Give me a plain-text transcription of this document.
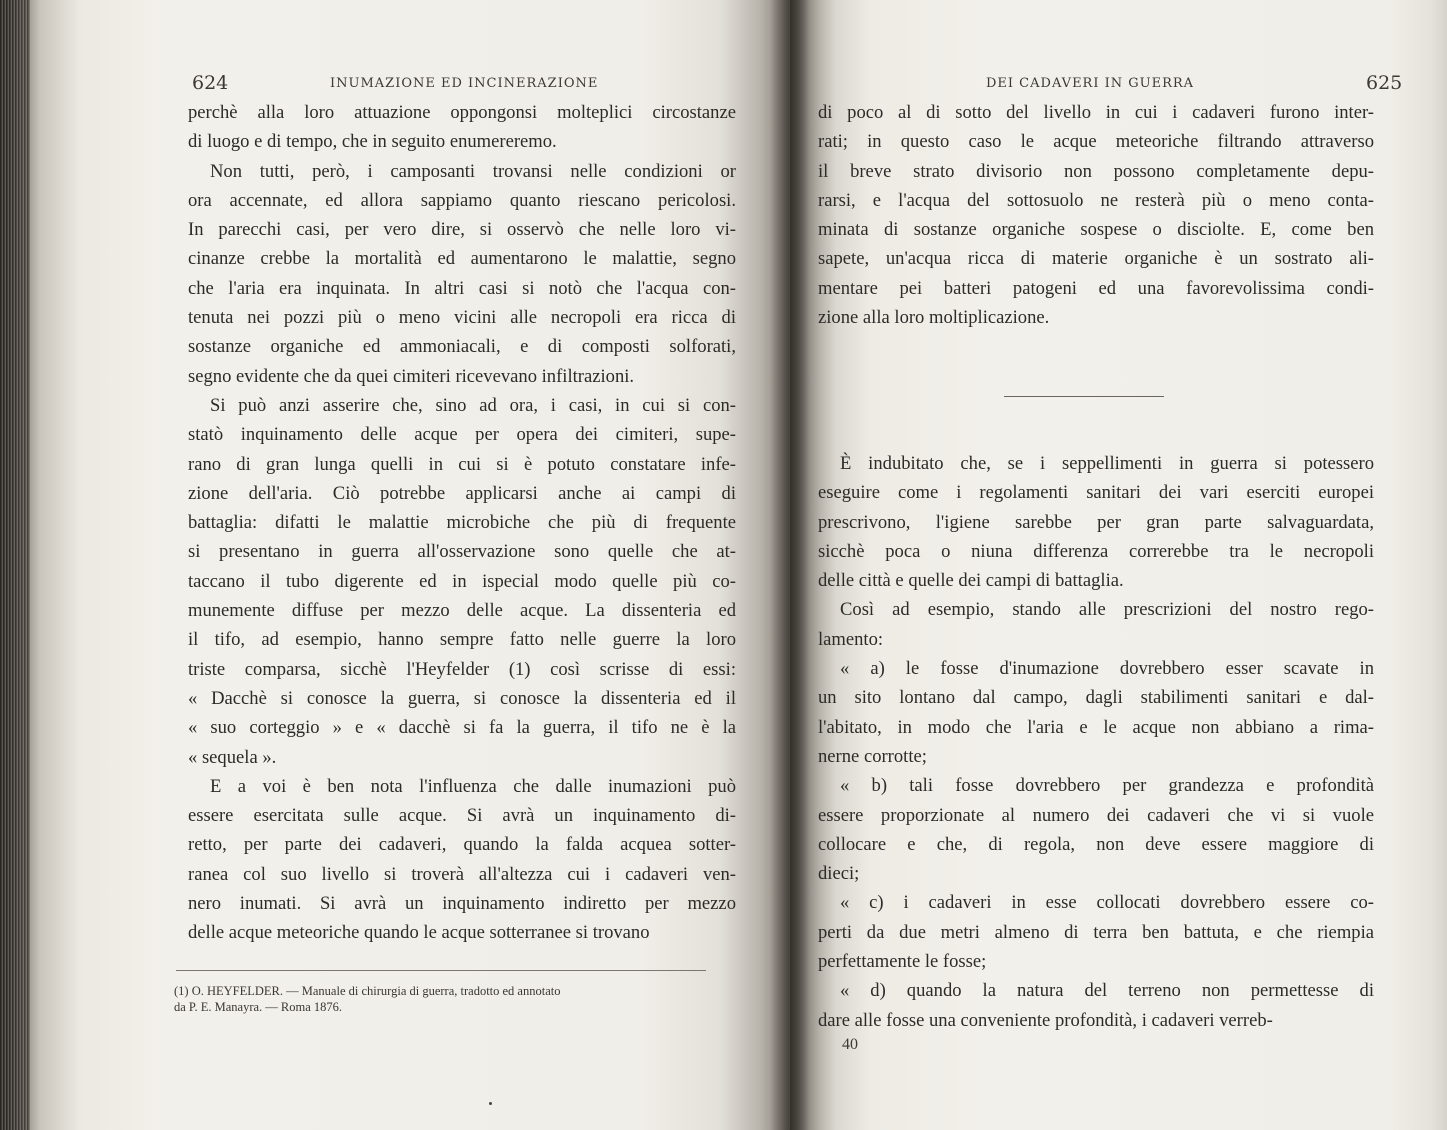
624	INUMAZIONE ED INCINERAZIONE
perchè alla loro attuazione oppongonsi molteplici circostanze
di luogo e di tempo, che in seguito enumereremo.
Non tutti, però, i camposanti trovansi nelle condizioni or
ora accennate, ed allora sappiamo quanto riescano pericolosi.
In parecchi casi, per vero dire, si osservò che nelle loro vi-
cinanze crebbe la mortalità ed aumentarono le malattie, segno
che l'aria era inquinata. In altri casi si notò che l'acqua con-
tenuta nei pozzi più o meno vicini alle necropoli era ricca di
sostanze organiche ed ammoniacali, e di composti solforati,
segno evidente che da quei cimiteri ricevevano infiltrazioni.
Si può anzi asserire che, sino ad ora, i casi, in cui si con-
statò inquinamento delle acque per opera dei cimiteri, supe-
rano di gran lunga quelli in cui si è potuto constatare infe-
zione dell'aria. Ciò potrebbe applicarsi anche ai campi di
battaglia: difatti le malattie microbiche che più di frequente
si presentano in guerra all'osservazione sono quelle che at-
taccano il tubo digerente ed in ispecial modo quelle più co-
munemente diffuse per mezzo delle acque. La dissenteria ed
il tifo, ad esempio, hanno sempre fatto nelle guerre la loro
triste comparsa, sicchè l'Heyfelder (1) così scrisse di essi:
« Dacchè si conosce la guerra, si conosce la dissenteria ed il
« suo corteggio » e « dacchè si fa la guerra, il tifo ne è la
« sequela ».
E a voi è ben nota l'influenza che dalle inumazioni può
essere esercitata sulle acque. Si avrà un inquinamento di-
retto, per parte dei cadaveri, quando la falda acquea sotter-
ranea col suo livello si troverà all'altezza cui i cadaveri ven-
nero inumati. Si avrà un inquinamento indiretto per mezzo
delle acque meteoriche quando le acque sotterranee si trovano
(1) O. HEYFELDER. — Manuale di chirurgia di guerra, tradotto ed annotato
da P. E. Manayra. — Roma 1876.
DEI CADAVERI IN GUERRA	625
di poco al di sotto del livello in cui i cadaveri furono inter-
rati; in questo caso le acque meteoriche filtrando attraverso
il breve strato divisorio non possono completamente depu-
rarsi, e l'acqua del sottosuolo ne resterà più o meno conta-
minata di sostanze organiche sospese o disciolte. E, come ben
sapete, un'acqua ricca di materie organiche è un sostrato ali-
mentare pei batteri patogeni ed una favorevolissima condi-
zione alla loro moltiplicazione.
È indubitato che, se i seppellimenti in guerra si potessero
eseguire come i regolamenti sanitari dei vari eserciti europei
prescrivono, l'igiene sarebbe per gran parte salvaguardata,
sicchè poca o niuna differenza correrebbe tra le necropoli
delle città e quelle dei campi di battaglia.
Così ad esempio, stando alle prescrizioni del nostro rego-
lamento:
« a) le fosse d'inumazione dovrebbero esser scavate in
un sito lontano dal campo, dagli stabilimenti sanitari e dal-
l'abitato, in modo che l'aria e le acque non abbiano a rima-
nerne corrotte;
« b) tali fosse dovrebbero per grandezza e profondità
essere proporzionate al numero dei cadaveri che vi si vuole
collocare e che, di regola, non deve essere maggiore di
dieci;
« c) i cadaveri in esse collocati dovrebbero essere co-
perti da due metri almeno di terra ben battuta, e che riempia
perfettamente le fosse;
« d) quando la natura del terreno non permettesse di
dare alle fosse una conveniente profondità, i cadaveri verreb-
40
